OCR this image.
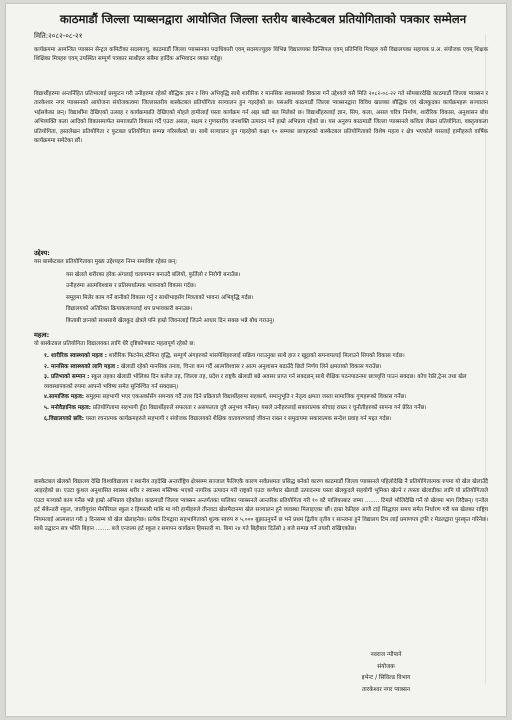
काठमाडौं जिल्ला प्याब्सनद्वारा आयोजित जिल्ला स्तरीय बास्केटबल प्रतियोगिताको पत्रकार सम्मेलन
मिति:२०८२-०८-२१

कार्यक्रममा आमन्त्रित प्याब्सन सेन्ट्रल कमिटीका सदस्यज्यु, काठमाडौं जिल्ला प्याब्सनका पदाधिकारी एवम् सदस्यज्युहरु विभिन्न विद्यालयका प्रिन्सिपल एवम् प्रतिनिधि मित्रहरु यसै विद्यालयका सहायक प्र.अ. संयोजक एवम् शिक्षक शिक्षिका मित्रहरु एवम् उपस्थित सम्पूर्ण पत्रकार साथीहरु सबैमा हार्दिक अभिवादन व्यक्त गर्दछु।

विद्यार्थीहरुमा अन्तर्निहित प्रतिभालाई प्रस्फुटन गरी उनीहरुमा रहेको बौद्धिक ज्ञान र शिप अभिवृद्धि साथै शारीरिक र मानसिक स्वास्थ्यको विकास गर्ने उद्देश्यले यसै मिति २०८२-०८-२२ गते सोमबारदेखि काठमाडौं जिल्ला प्याब्सन र तारकेश्वर नगर प्याब्सनको आयोजना संयोजकत्वमा जिल्लास्तरीय बास्केटबल प्रतियोगिता सञ्चालन हुन गइरहेको छ। यसअघि काठमाडौं जिल्ला प्याब्सनद्वारा विविध खालका बौद्धिक एवं खेलकुदका कार्यक्रमहरू सञ्चालन भईसकेका छन्। विद्यार्थीमा देखिएको उत्साह र कार्यक्रमप्रति देखिएको मोहले हामीलाई यस्ता कार्यक्रम गर्न अझ बढी बल मिलेको छ। विद्यार्थीहरुलाई ज्ञान, सिप, कला, असल चरित्र निर्माण, शारीरिक विकास, अनुशासन बोध अभिव्यक्ति कला आदिको विकासमार्फत समाजप्रति विकास गर्दै एउटा असल, सक्षम र गुणस्तरीय जनशक्ति उत्पादन गर्ने हाम्रो अभिप्राय रहेको छ। यस अनुरुप काठमाडौं जिल्ला प्याब्सनले कविता लेखन प्रतियोगिता, वक्तृत्वकला प्रतियोगिता, हस्तलेखन प्रतियोगिता र फुटबल प्रतियोगिता सम्पन्न गरिसकेको छ। साथै सञ्चालन हुन गइरहेको कक्षा १० सम्मका छात्रहरुको बास्केटबल प्रतियोगिताको विशेष महत्व र क्षेत्र भएकोले यसलाई हामीहरुले वार्षिक कार्यक्रममा समेटेका छौं।

उद्देश्य:
यस बास्केटबल प्रतियोगिताका मुख्य उद्देश्यहरु निम्न समाविष्ट रहेका छन्:
यस खेलले शरीरका हरेक अंगलाई चलायमान बनाउदै बलियो, फुर्तिलो र निरोगी बनाउँछ।
उनीहरुमा आत्मविश्वास र प्रतिस्पर्धात्मक भावनाको विकास गर्दछ।
समूहमा मिलेर काम गर्ने बानीको विकास गर्नु र साथीभाइसँग मित्रताको भावना अभिवृद्धि गर्दछ।
विद्यालयको अतिरिक्त क्रियाकलापलाई थप प्रभावकारी बनाउछ।
किताबी ज्ञानको साथसाथै खेलकुद क्षेत्रले पनि हाम्रो जिवनलाई जिउने आधार दिन सक्छ भन्ने बोध गराउनु।
महत्व:
यो बास्केटबल प्रतियोगिता विद्यालयका लागि धेरै दृष्टिकोणबाट महत्वपूर्ण रहेको छ:
१. शारीरिक स्वास्थ्यको महत्व : शारीरिक फिटनेस,स्टेमिना वृद्धि, सम्पूर्ण अंगहरुको मांसपेशिहरुलाई सक्रिय गराउनुका साथै हात र खुट्टाको समन्वयलाई मिलाउने सिपको विकास गर्दछ।
२. मानसिक स्वास्थ्यको लागि महत्व : खेलाडी रहेको मानसिक तनाव, चिन्ता कम गर्दै आत्मविश्वास र आत्म अनुशासन बढाउँदै छिटो निर्णय लिने क्षमताको विकास गराउँछ।
३. प्रतिभाको सम्मान : स्कुल तहका खेलाडी भोलिका दिन कलेज तह, जिल्ला तह, प्रदेश र राष्ट्रकै खेलाडी बन्ने अवसर प्राप्त गर्न सक्दछन् साथै शैक्षिक पठनपाठनमा छात्रवृत्ति पाउन सक्दछ। कोच रेफ्री,ट्रेनर तथा खेल व्यवस्थापकको रुपमा आफ्नो भविष्य समेत सुनिश्चित गर्न सक्दछन्।
४.सामाजिक महत्व: समुहमा सहभागी भएर एकअर्कासँग समन्वय गर्दै उत्तर दिने प्रक्रियाले विद्यार्थीहरुमा सहकार्य, समानुभूति र नेतृत्व क्षमता जस्ता सामाजिक गुणहरूको विकास गर्नेछ।
५. मनोवैज्ञानिक महत्व: प्रतियोगितामा सहभागी हुँदा विद्यार्थीहरुले सफलता र असफलता दुवै अनुभव गर्नेछन्। यसले उनीहरुलाई सकारात्मक सोचाइ राख्न र चुनौतीहरुको सामना गर्न प्रेरित गर्नेछ।
६.विद्यालयको छवि: यस्ता रचनात्मक कार्यक्रमहरुले सहभागी र संयोजक विद्यालयको शैक्षिक वातावरणलाई जीवन्त राख्न र समुदायमा सकारात्मक सन्देश प्रवाह गर्न मद्दत गर्दछ।

बास्केटबल खेलको विद्यालय देखि विश्वविद्यालय र स्थानीय तहदेखि अन्तर्राष्ट्रिय क्षेत्रसम्म सञ्जाल फैलिएकै कारण सर्वप्रथमतः प्रसिद्ध बनेको कारण काठमाडौं जिल्ला प्याब्सनले पहिलोदेखि नै प्रतियोगितात्मक रुपमा यो खेल खेलाउँदै आइरहेको छ। एउटा कुशल अनुशासित स्वास्थ्य शरीर र स्वास्थ्य मस्तिष्क भएको नागरिक उत्पादन गरी राष्ट्रको एउटा कर्णधार खेलाडी उत्पादनमा यस्ता खेलकुदले सहयोगी भूमिका खेल्ने र त्यस्ता खेलाडीका लागि यो प्रतियोगिताले एउटा मञ्चको काम गर्नेछ भन्ने हाम्रो अभिप्राय रहेकोछ। काठमाडौं जिल्ला प्याब्सन अन्तर्गतका पालिका प्याब्सनले आन्तरिक प्रतियोगिता गरी १० वटै पालिकाबाट जम्मा ........ टिमले भोलिदेखि गर्ने यो खेलमा भाग लिदैछन्। एन्जेल हर्ट सेकेन्डरी स्कुल, जालीगुरांस मेमोरियल स्कुल र हिमस्तरी माथि मा गरी हामीहरुले तीनवटा खेलमैदानमा खेल सञ्चालन हुने व्यवस्था मिलाइएका छौं। हाम्रा रेफ्रीहरु आजै टाई सिद्धाएर समय समेत निर्धारण गरी यस खेलका राष्ट्रिय नियमलाई आत्मसात गरी ३ दिनसम्म यो खेल खेलाइनेछ। प्रत्येक टिमद्वारा सहभागिताको शुल्क स्वरुप रु ५,००० बुझाउनुपर्ने छ भने प्रथम द्वितीय तृतीय र सान्त्वना हुने विद्यालय टिम लाई प्रमाणपत्र टुफी र मेडलद्वारा पुरस्कृत गरिनेछ। साथै उद्घाटन सत्र भोलि बिहान ........ बजे एन्जल्स हर्ट स्कुल र समापन कार्यक्रम हिमस्तरी मा. बिमा २४ गते बिहीबार दिउँसो ३ बजे सम्पन्न गर्ने तयारी राखिएकोछ।

नवराज न्यौपाने
संयोजक
इभेन्ट / सिविल्ड विभाग
तारकेश्वर नगर प्याब्सन
